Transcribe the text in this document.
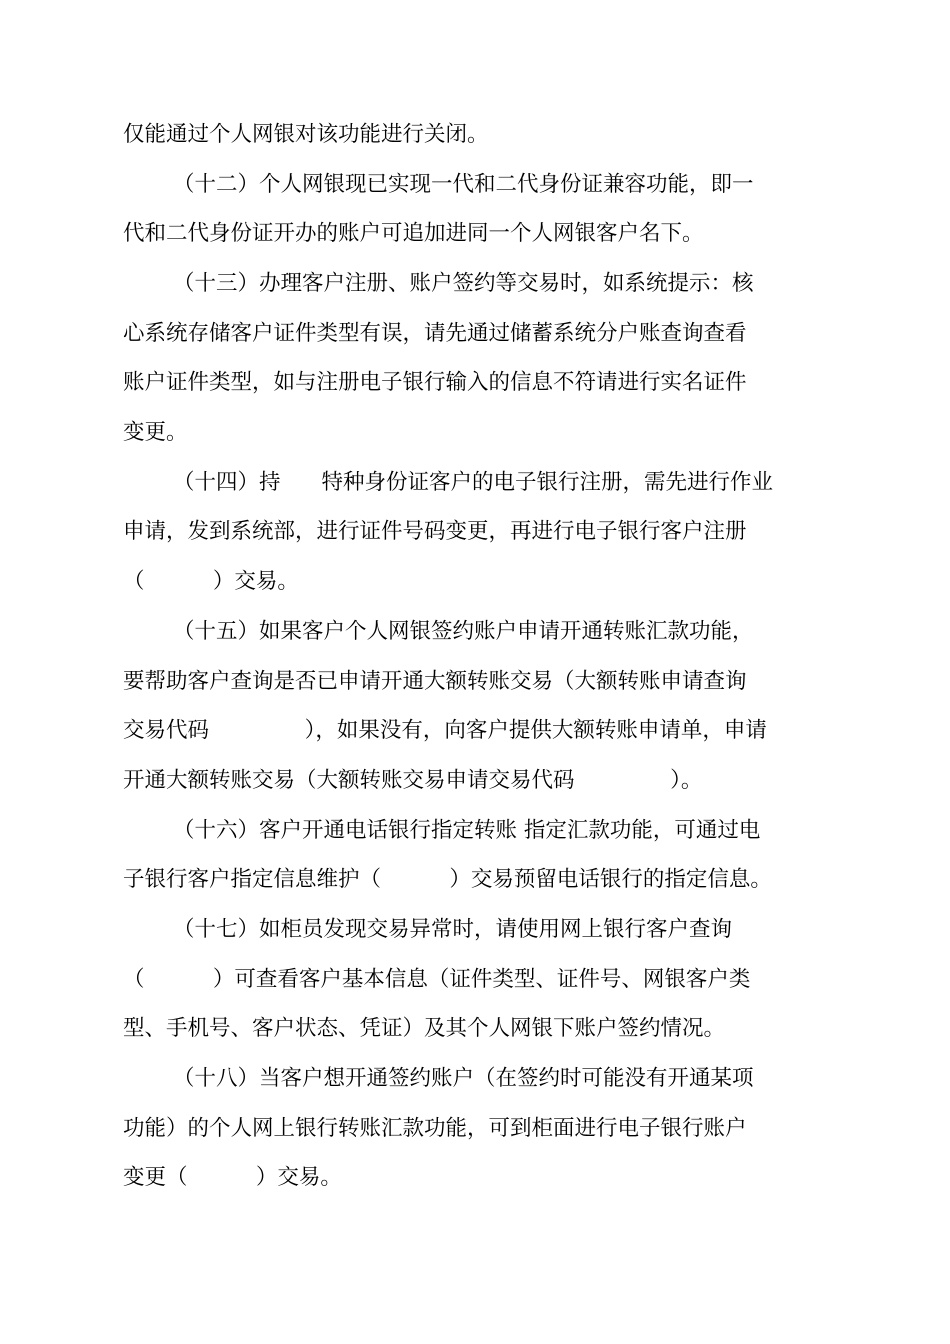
仅能通过个人网银对该功能进行关闭。
（十二）个人网银现已实现一代和二代身份证兼容功能，即一
代和二代身份证开办的账户可追加进同一个人网银客户名下。
（十三）办理客户注册、账户签约等交易时，如系统提示：核
心系统存储客户证件类型有误，请先通过储蓄系统分户账查询查看
账户证件类型，如与注册电子银行输入的信息不符请进行实名证件
变更。
（十四）持      特种身份证客户的电子银行注册，需先进行作业
申请，发到系统部，进行证件号码变更，再进行电子银行客户注册
（          ）交易。
（十五）如果客户个人网银签约账户申请开通转账汇款功能，
要帮助客户查询是否已申请开通大额转账交易（大额转账申请查询
交易代码              ），如果没有，向客户提供大额转账申请单，申请
开通大额转账交易（大额转账交易申请交易代码              ）。
（十六）客户开通电话银行指定转账 指定汇款功能，可通过电
子银行客户指定信息维护（          ）交易预留电话银行的指定信息。
（十七）如柜员发现交易异常时，请使用网上银行客户查询
（          ）可查看客户基本信息（证件类型、证件号、网银客户类
型、手机号、客户状态、凭证）及其个人网银下账户签约情况。
（十八）当客户想开通签约账户（在签约时可能没有开通某项
功能）的个人网上银行转账汇款功能，可到柜面进行电子银行账户
变更（          ）交易。
